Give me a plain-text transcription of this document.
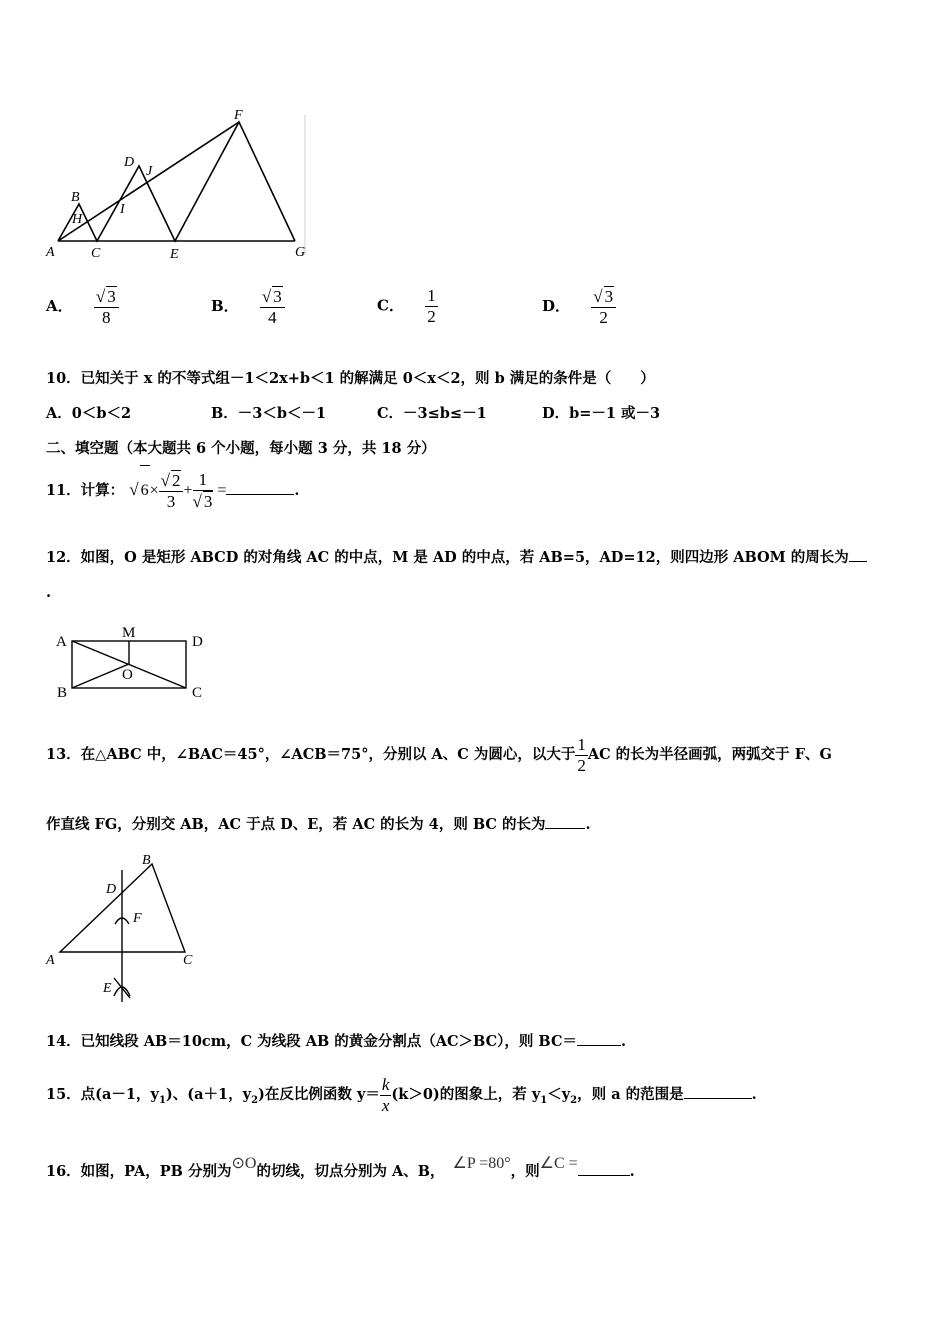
A
B
C
D
E
F
G
H
I
J
A． $\frac{√ 3}{8}$	B． $\frac{√ 3}{4}$	C． $\frac{1}{2}$	D． $\frac{√ 3}{2}$
10．已知关于 x 的不等式组－1＜2x+b＜1 的解满足 0＜x＜2，则 b 满足的条件是（　　）
A．0＜b＜2	B．－3＜b＜－1	C．－3≤b≤－1	D．b=－1 或－3
二、填空题（本大题共 6 个小题，每小题 3 分，共 18 分）
11．计算： √ $6\times \frac{√ 2}{3} + \frac{1}{√ 3}$ =	.
12．如图，O 是矩形 ABCD 的对角线 AC 的中点，M 是 AD 的中点，若 AB=5，AD=12，则四边形 ABOM 的周长为
.
A
M
D
B
O
C
13．在△ABC 中，∠BAC＝45°，∠ACB＝75°，分别以 A、C 为圆心，以大于 $\frac{1}{2}$ AC 的长为半径画弧，两弧交于 F、G
作直线 FG，分别交 AB，AC 于点 D、E，若 AC 的长为 4，则 BC 的长为	.
A
B
C
D
E
F
14．已知线段 AB＝10cm，C 为线段 AB 的黄金分割点（AC＞BC），则 BC＝	.
15．点(a－1，$y_1$)、(a＋1，$y_2$)在反比例函数 $y= \frac{k}{x} (k>0)$的图象上，若 $y_1<y_2$，则 a 的范围是	.
16．如图，PA，PB 分别为⊙O的切线，切点分别为 A、B， ∠P =80°，则∠C =	.
